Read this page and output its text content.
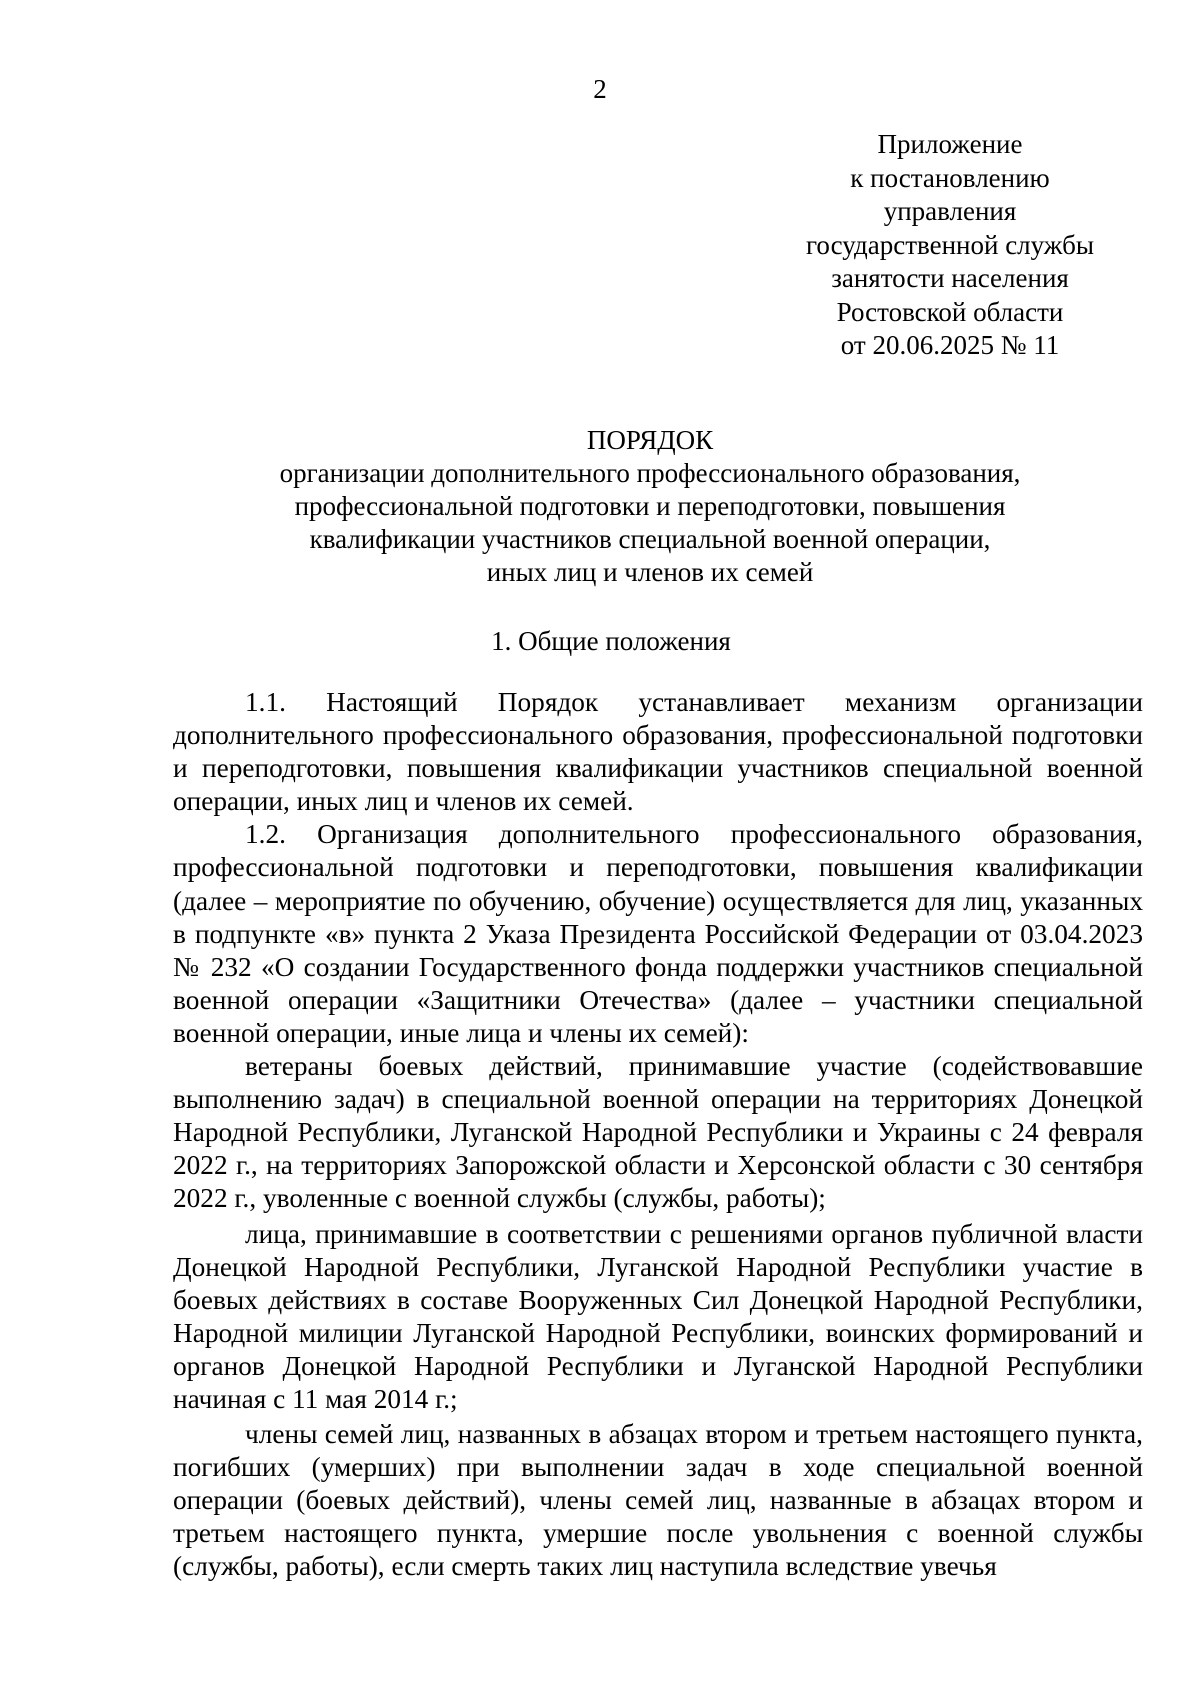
2
Приложение
к постановлению
управления
государственной службы
занятости населения
Ростовской области
от 20.06.2025 № 11
ПОРЯДОК
организации дополнительного профессионального образования,
профессиональной подготовки и переподготовки, повышения
квалификации участников специальной военной операции,
иных лиц и членов их семей
1. Общие положения

1.1. Настоящий Порядок устанавливает механизм организации дополнительного профессионального образования, профессиональной подготовки и переподготовки, повышения квалификации участников специальной военной операции, иных лиц и членов их семей.

1.2. Организация дополнительного профессионального образования, профессиональной подготовки и переподготовки, повышения квалификации (далее – мероприятие по обучению, обучение) осуществляется для лиц, указанных в подпункте «в» пункта 2 Указа Президента Российской Федерации от 03.04.2023 № 232 «О создании Государственного фонда поддержки участников специальной военной операции «Защитники Отечества» (далее – участники специальной военной операции, иные лица и члены их семей):

ветераны боевых действий, принимавшие участие (содействовавшие выполнению задач) в специальной военной операции на территориях Донецкой Народной Республики, Луганской Народной Республики и Украины с 24 февраля 2022 г., на территориях Запорожской области и Херсонской области с 30 сентября 2022 г., уволенные с военной службы (службы, работы);

лица, принимавшие в соответствии с решениями органов публичной власти Донецкой Народной Республики, Луганской Народной Республики участие в боевых действиях в составе Вооруженных Сил Донецкой Народной Республики, Народной милиции Луганской Народной Республики, воинских формирований и органов Донецкой Народной Республики и Луганской Народной Республики начиная с 11 мая 2014 г.;

члены семей лиц, названных в абзацах втором и третьем настоящего пункта, погибших (умерших) при выполнении задач в ходе специальной военной операции (боевых действий), члены семей лиц, названные в абзацах втором и третьем настоящего пункта, умершие после увольнения с военной службы (службы, работы), если смерть таких лиц наступила вследствие увечья
